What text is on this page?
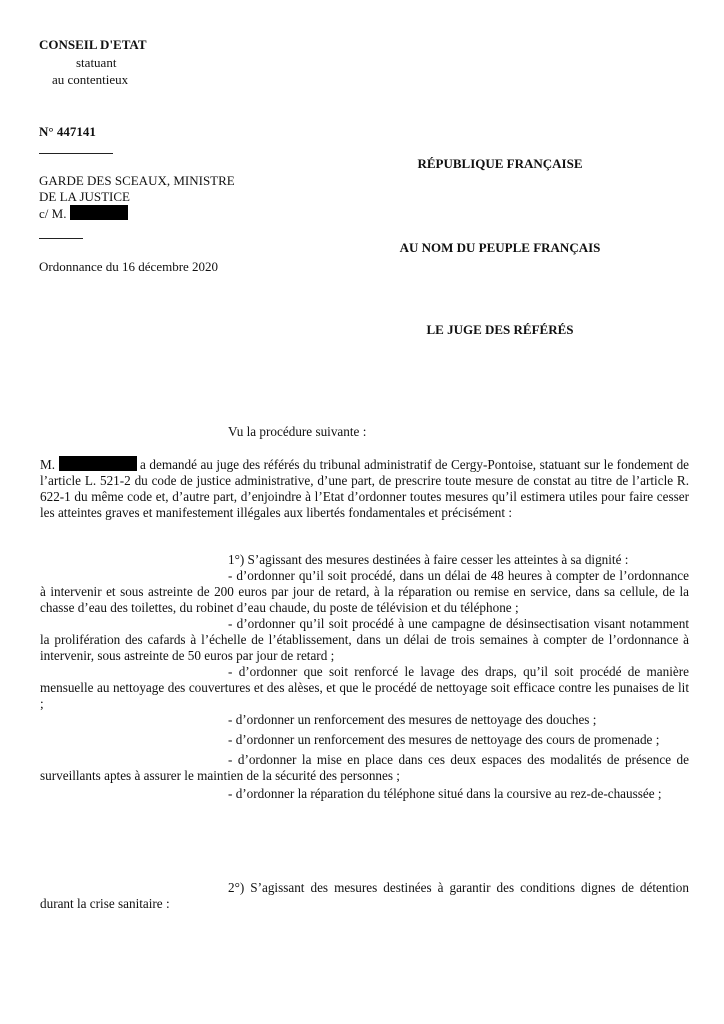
CONSEIL D'ETAT
statuant
au contentieux
N° 447141
GARDE DES SCEAUX, MINISTRE
DE LA JUSTICE
c/ M.
Ordonnance du 16 décembre 2020
RÉPUBLIQUE FRANÇAISE
AU NOM DU PEUPLE FRANÇAIS
LE JUGE DES RÉFÉRÉS
Vu la procédure suivante :

M.	a demandé au juge des référés du tribunal administratif de Cergy-Pontoise, statuant sur le fondement de l’article L. 521-2 du code de justice administrative, d’une part, de prescrire toute mesure de constat au titre de l’article R. 622-1 du même code et, d’autre part, d’enjoindre à l’Etat d’ordonner toutes mesures qu’il estimera utiles pour faire cesser les atteintes graves et manifestement illégales aux libertés fondamentales et précisément :

1°) S’agissant des mesures destinées à faire cesser les atteintes à sa dignité :

- d’ordonner qu’il soit procédé, dans un délai de 48 heures à compter de l’ordonnance à intervenir et sous astreinte de 200 euros par jour de retard, à la réparation ou remise en service, dans sa cellule, de la chasse d’eau des toilettes, du robinet d’eau chaude, du poste de télévision et du téléphone ;

- d’ordonner qu’il soit procédé à une campagne de désinsectisation visant notamment la prolifération des cafards à l’échelle de l’établissement, dans un délai de trois semaines à compter de l’ordonnance à intervenir, sous astreinte de 50 euros par jour de retard ;

- d’ordonner que soit renforcé le lavage des draps, qu’il soit procédé de manière mensuelle au nettoyage des couvertures et des alèses, et que le procédé de nettoyage soit efficace contre les punaises de lit ;

- d’ordonner un renforcement des mesures de nettoyage des douches ;

- d’ordonner un renforcement des mesures de nettoyage des cours de promenade ;

- d’ordonner la mise en place dans ces deux espaces des modalités de présence de surveillants aptes à assurer le maintien de la sécurité des personnes ;

- d’ordonner la réparation du téléphone situé dans la coursive au rez-de-chaussée ;

2°) S’agissant des mesures destinées à garantir des conditions dignes de détention durant la crise sanitaire :
